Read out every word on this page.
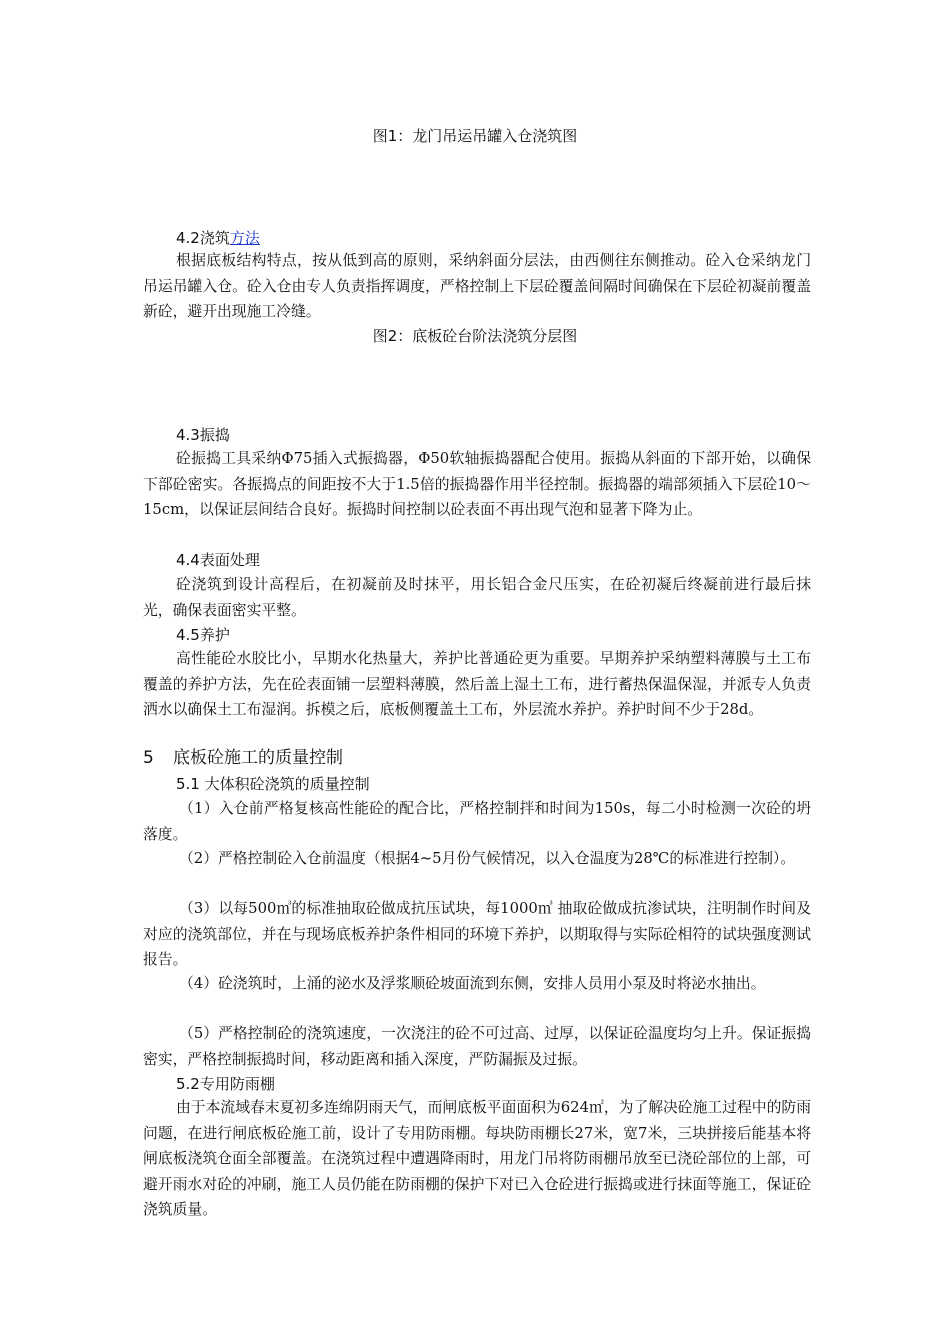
图1：龙门吊运吊罐入仓浇筑图
4.2浇筑方法
根据底板结构特点，按从低到高的原则，采纳斜面分层法，由西侧往东侧推动。砼入仓采纳龙门吊运吊罐入仓。砼入仓由专人负责指挥调度，严格控制上下层砼覆盖间隔时间确保在下层砼初凝前覆盖新砼，避开出现施工冷缝。
图2：底板砼台阶法浇筑分层图
4.3振捣
砼振捣工具采纳Φ75插入式振捣器，Φ50软轴振捣器配合使用。振捣从斜面的下部开始，以确保下部砼密实。各振捣点的间距按不大于1.5倍的振捣器作用半径控制。振捣器的端部须插入下层砼10～15cm，以保证层间结合良好。振捣时间控制以砼表面不再出现气泡和显著下降为止。
4.4表面处理
砼浇筑到设计高程后，在初凝前及时抹平，用长铝合金尺压实，在砼初凝后终凝前进行最后抹光，确保表面密实平整。
4.5养护
高性能砼水胶比小，早期水化热量大，养护比普通砼更为重要。早期养护采纳塑料薄膜与土工布覆盖的养护方法，先在砼表面铺一层塑料薄膜，然后盖上湿土工布，进行蓄热保温保湿，并派专人负责洒水以确保土工布湿润。拆模之后，底板侧覆盖土工布，外层流水养护。养护时间不少于28d。
5 底板砼施工的质量控制
5.1 大体积砼浇筑的质量控制
（1）入仓前严格复核高性能砼的配合比，严格控制拌和时间为150s，每二小时检测一次砼的坍落度。
（2）严格控制砼入仓前温度（根据4~5月份气候情况，以入仓温度为28℃的标准进行控制）。
（3）以每500㎥的标准抽取砼做成抗压试块，每1000㎥ 抽取砼做成抗渗试块，注明制作时间及对应的浇筑部位，并在与现场底板养护条件相同的环境下养护，以期取得与实际砼相符的试块强度测试报告。
（4）砼浇筑时，上涌的泌水及浮浆顺砼坡面流到东侧，安排人员用小泵及时将泌水抽出。
（5）严格控制砼的浇筑速度，一次浇注的砼不可过高、过厚，以保证砼温度均匀上升。保证振捣密实，严格控制振捣时间，移动距离和插入深度，严防漏振及过振。
5.2专用防雨棚
由于本流域春末夏初多连绵阴雨天气，而闸底板平面面积为624㎡，为了解决砼施工过程中的防雨问题，在进行闸底板砼施工前，设计了专用防雨棚。每块防雨棚长27米，宽7米，三块拼接后能基本将闸底板浇筑仓面全部覆盖。在浇筑过程中遭遇降雨时，用龙门吊将防雨棚吊放至已浇砼部位的上部，可避开雨水对砼的冲刷，施工人员仍能在防雨棚的保护下对已入仓砼进行振捣或进行抹面等施工，保证砼浇筑质量。
